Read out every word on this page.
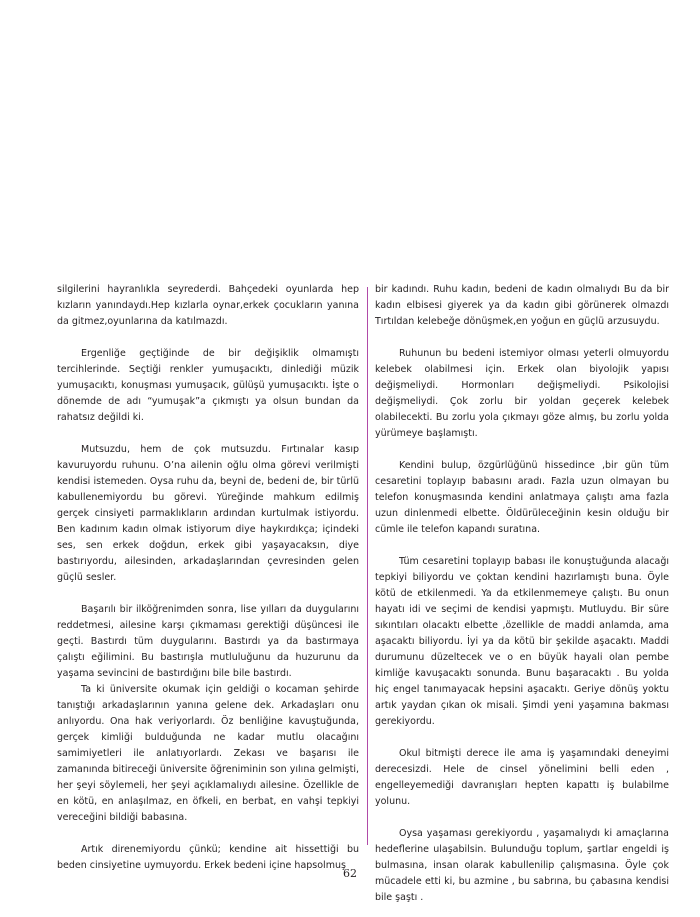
silgilerini hayranlıkla seyrederdi. Bahçedeki oyunlarda hep kızların yanındaydı.Hep kızlarla oynar,erkek çocukların yanına da gitmez,oyunlarına da katılmazdı.

Ergenliğe geçtiğinde de bir değişiklik olmamıştı tercihlerinde. Seçtiği renkler yumuşacıktı, dinlediği müzik yumuşacıktı, konuşması yumuşacık, gülüşü yumuşacıktı. İşte o dönemde de adı “yumuşak”a çıkmıştı ya olsun bundan da rahatsız değildi ki.

Mutsuzdu, hem de çok mutsuzdu. Fırtınalar kasıp kavuruyordu ruhunu. O’na ailenin oğlu olma görevi verilmişti kendisi istemeden. Oysa ruhu da, beyni de, bedeni de, bir türlü kabullenemiyordu bu görevi. Yüreğinde mahkum edilmiş gerçek cinsiyeti parmaklıkların ardından kurtulmak istiyordu. Ben kadınım kadın olmak istiyorum diye haykırdıkça; içindeki ses, sen erkek doğdun, erkek gibi yaşayacaksın, diye bastırıyordu, ailesinden, arkadaşlarından çevresinden gelen güçlü sesler.

Başarılı bir ilköğrenimden sonra, lise yılları da duygularını reddetmesi, ailesine karşı çıkmaması gerektiği düşüncesi ile geçti. Bastırdı tüm duygularını. Bastırdı ya da bastırmaya çalıştı eğilimini. Bu bastırışla mutluluğunu da huzurunu da yaşama sevincini de bastırdığını bile bile bastırdı.

Ta ki üniversite okumak için geldiği o kocaman şehirde tanıştığı arkadaşlarının yanına gelene dek. Arkadaşları onu anlıyordu. Ona hak veriyorlardı. Öz benliğine kavuştuğunda, gerçek kimliği bulduğunda ne kadar mutlu olacağını samimiyetleri ile anlatıyorlardı. Zekası ve başarısı ile zamanında bitireceği üniversite öğreniminin son yılına gelmişti, her şeyi söylemeli, her şeyi açıklamalıydı ailesine. Özellikle de en kötü, en anlaşılmaz, en öfkeli, en berbat, en vahşi tepkiyi vereceğini bildiği babasına.

Artık direnemiyordu çünkü; kendine ait hissettiği bu beden cinsiyetine uymuyordu. Erkek bedeni içine hapsolmuş

bir kadındı. Ruhu kadın, bedeni de kadın olmalıydı Bu da bir kadın elbisesi giyerek ya da kadın gibi görünerek olmazdı Tırtıldan kelebeğe dönüşmek,en yoğun en güçlü arzusuydu.

Ruhunun bu bedeni istemiyor olması yeterli olmuyordu kelebek olabilmesi için. Erkek olan biyolojik yapısı değişmeliydi. Hormonları değişmeliydi. Psikolojisi değişmeliydi. Çok zorlu bir yoldan geçerek kelebek olabilecekti. Bu zorlu yola çıkmayı göze almış, bu zorlu yolda yürümeye başlamıştı.

Kendini bulup, özgürlüğünü hissedince ,bir gün tüm cesaretini toplayıp babasını aradı. Fazla uzun olmayan bu telefon konuşmasında kendini anlatmaya çalıştı ama fazla uzun dinlenmedi elbette. Öldürüleceğinin kesin olduğu bir cümle ile telefon kapandı suratına.

Tüm cesaretini toplayıp babası ile konuştuğunda alacağı tepkiyi biliyordu ve çoktan kendini hazırlamıştı buna. Öyle kötü de etkilenmedi. Ya da etkilenmemeye çalıştı. Bu onun hayatı idi ve seçimi de kendisi yapmıştı. Mutluydu. Bir süre sıkıntıları olacaktı elbette ,özellikle de maddi anlamda, ama aşacaktı biliyordu. İyi ya da kötü bir şekilde aşacaktı. Maddi durumunu düzeltecek ve o en büyük hayali olan pembe kimliğe kavuşacaktı sonunda. Bunu başaracaktı . Bu yolda hiç engel tanımayacak hepsini aşacaktı. Geriye dönüş yoktu artık yaydan çıkan ok misali. Şimdi yeni yaşamına bakması gerekiyordu.

Okul bitmişti derece ile ama iş yaşamındaki deneyimi derecesizdi. Hele de cinsel yönelimini belli eden , engelleyemediği davranışları hepten kapattı iş bulabilme yolunu.

Oysa yaşaması gerekiyordu , yaşamalıydı ki amaçlarına hedeflerine ulaşabilsin. Bulunduğu toplum, şartlar engeldi iş bulmasına, insan olarak kabullenilip çalışmasına. Öyle çok mücadele etti ki, bu azmine , bu sabrına, bu çabasına kendisi bile şaştı .

62
